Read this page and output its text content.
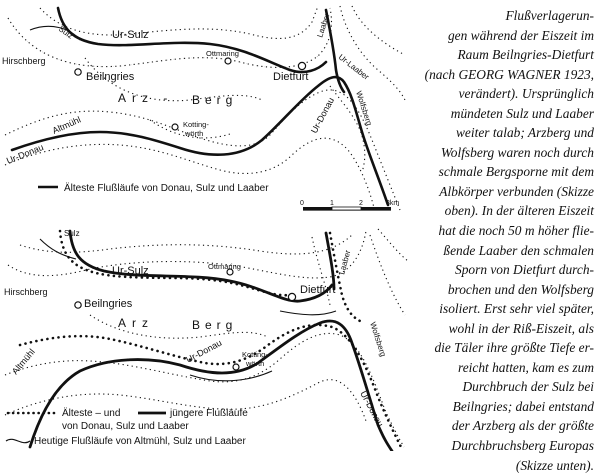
Beilngries	Dietfurt
Ottmaring
Kotting-
wörth
Hirschberg
Sulz	Ur-Sulz	Laaber
Ur-Laaber
Ur-Donau
Ur-Donau
Altmühl
Arz - Berg	Wolfsberg
Älteste Flußläufe von Donau, Sulz und Laaber
0	1	2	3km
Beilngries
Dietfurt
Ottmaring
Kotting-
wörth
Hirschberg
Sulz
Ur-Sulz	Laaber
Ur-Donau
Ur-Donau
Altmühl
Arz	Berg	Wolfsberg
Älteste – und	jüngere Flußläufe
von Donau, Sulz und Laaber
Heutige Flußläufe von Altmühl, Sulz und Laaber
Flußverlagerun-
gen während der Eiszeit im
Raum Beilngries-Dietfurt
(nach GEORG WAGNER 1923,
verändert). Ursprünglich
mündeten Sulz und Laaber
weiter talab; Arzberg und
Wolfsberg waren noch durch
schmale Bergsporne mit dem
Albkörper verbunden (Skizze
oben). In der älteren Eiszeit
hat die noch 50 m höher flie-
ßende Laaber den schmalen
Sporn von Dietfurt durch-
brochen und den Wolfsberg
isoliert. Erst sehr viel später,
wohl in der Riß-Eiszeit, als
die Täler ihre größte Tiefe er-
reicht hatten, kam es zum
Durchbruch der Sulz bei
Beilngries; dabei entstand
der Arzberg als der größte
Durchbruchsberg Europas
(Skizze unten).
